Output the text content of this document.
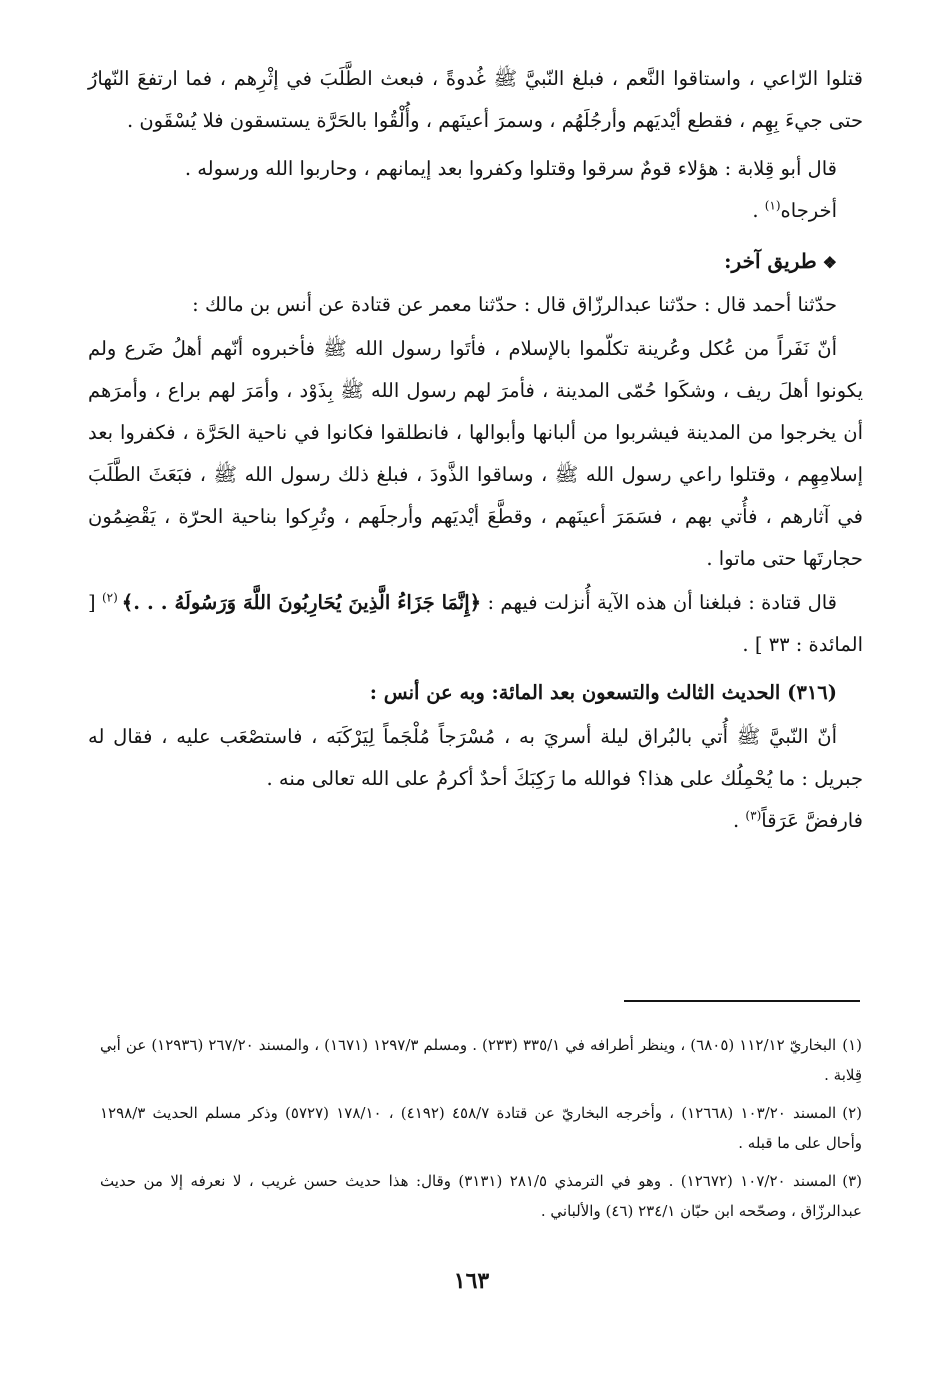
قتلوا الرّاعي ، واستاقوا النَّعم ، فبلغ النّبيَّ ﷺ غُدوةً ، فبعث الطَّلَبَ في إثْرِهم ، فما ارتفعَ النّهارُ حتى جيءَ بِهِم ، فقطع أيْديَهم وأرجُلَهُم ، وسمرَ أعينَهم ، وأُلْقُوا بالحَرَّة يستسقون فلا يُسْقَون .

قال أبو قِلابة : هؤلاء قومٌ سرقوا وقتلوا وكفروا بعد إيمانهم ، وحاربوا الله ورسوله .

أخرجاه$^{(١)}$ .

❖طريق آخر:

حدّثنا أحمد قال : حدّثنا عبدالرزّاق قال : حدّثنا معمر عن قتادة عن أنس بن مالك :

أنّ نَفَراً من عُكل وعُرينة تكلّموا بالإسلام ، فأتَوا رسول الله ﷺ فأخبروه أنّهم أهلُ ضَرع ولم يكونوا أهلَ ريف ، وشكَوا حُمّى المدينة ، فأمرَ لهم رسول الله ﷺ بِذَوْد ، وأمَرَ لهم براع ، وأمرَهم أن يخرجوا من المدينة فيشربوا من ألبانها وأبوالها ، فانطلقوا فكانوا في ناحية الحَرَّة ، فكفروا بعد إسلامِهِم ، وقتلوا راعي رسول الله ﷺ ، وساقوا الذَّودَ ، فبلغ ذلك رسول الله ﷺ ، فبَعَثَ الطَّلَبَ في آثارهم ، فأُتي بهم ، فسَمَرَ أعينَهم ، وقطَّعَ أيْديَهم وأرجلَهم ، وتُرِكوا بناحية الحرّة ، يَقْضِمُون حجارتَها حتى ماتوا .

قال قتادة : فبلغنا أن هذه الآية أُنزلت فيهم : ﴿إِنَّمَا جَزَاءُ الَّذِينَ يُحَارِبُونَ اللَّهَ وَرَسُولَهُ . . .﴾ $^{(٢)}$ [ المائدة : ٣٣ ] .

(٣١٦) الحديث الثالث والتسعون بعد المائة: وبه عن أنس :

أنّ النّبيَّ ﷺ أُتي بالبُراق ليلة أسريَ به ، مُسْرَجاً مُلْجَماً لِيَرْكَبَه ، فاستصْعَب عليه ، فقال له جبريل : ما يُحْمِلُك على هذا؟ فوالله ما رَكِبَكَ أحدٌ أكرمُ على الله تعالى منه .

فارفضَّ عَرَقاً$^{(٣)}$ .

(١)البخاريّ ١١٢/١٢ (٦٨٠٥) ، وينظر أطرافه في ٣٣٥/١ (٢٣٣) . ومسلم ١٢٩٧/٣ (١٦٧١) ، والمسند ٢٦٧/٢٠ (١٢٩٣٦) عن أبي قِلابة .

(٢)المسند ١٠٣/٢٠ (١٢٦٦٨) ، وأخرجه البخاريّ عن قتادة ٤٥٨/٧ (٤١٩٢) ، ١٧٨/١٠ (٥٧٢٧) وذكر مسلم الحديث ١٢٩٨/٣ وأحال على ما قبله .

(٣)المسند ١٠٧/٢٠ (١٢٦٧٢) . وهو في الترمذي ٢٨١/٥ (٣١٣١) وقال: هذا حديث حسن غريب ، لا نعرفه إلا من حديث عبدالرزّاق ، وصحّحه ابن حبّان ٢٣٤/١ (٤٦) والألباني .

١٦٣
